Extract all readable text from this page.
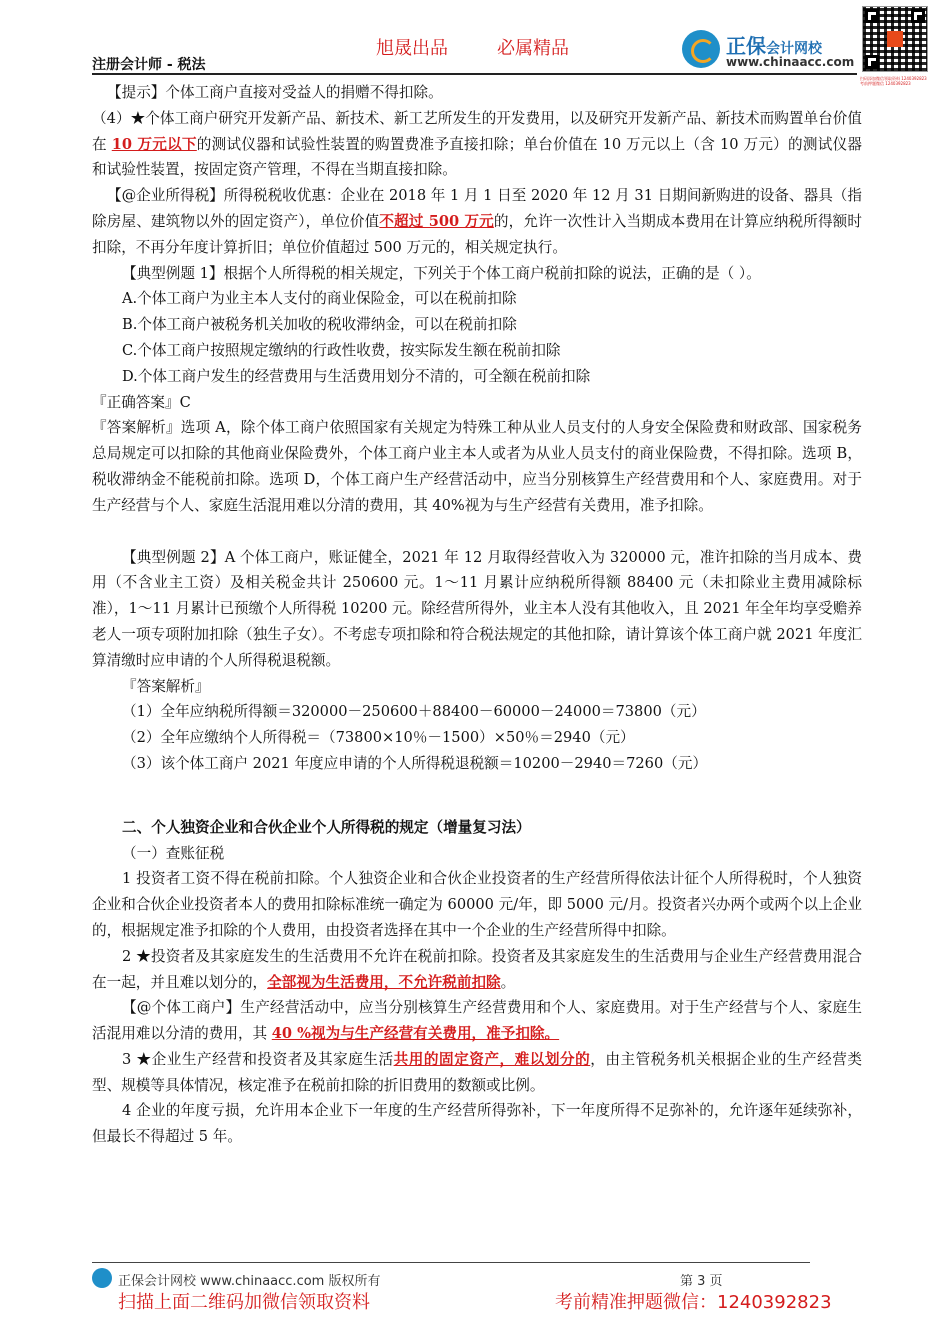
旭晟出品	必属精品
注册会计师 - 税法
正保会计网校
www.chinaacc.com
扫码添加微信领取资料 1240392823 考前押题微信 1240392823

【提示】个体工商户直接对受益人的捐赠不得扣除。

（4）★个体工商户研究开发新产品、新技术、新工艺所发生的开发费用，以及研究开发新产品、新技术而购置单台价值在 10 万元以下的测试仪器和试验性装置的购置费准予直接扣除；单台价值在 10 万元以上（含 10 万元）的测试仪器和试验性装置，按固定资产管理，不得在当期直接扣除。

【@企业所得税】所得税税收优惠：企业在 2018 年 1 月 1 日至 2020 年 12 月 31 日期间新购进的设备、器具（指除房屋、建筑物以外的固定资产），单位价值不超过 500 万元的，允许一次性计入当期成本费用在计算应纳税所得额时扣除，不再分年度计算折旧；单位价值超过 500 万元的，相关规定执行。

【典型例题 1】根据个人所得税的相关规定，下列关于个体工商户税前扣除的说法，正确的是（ ）。

A.个体工商户为业主本人支付的商业保险金，可以在税前扣除

B.个体工商户被税务机关加收的税收滞纳金，可以在税前扣除

C.个体工商户按照规定缴纳的行政性收费，按实际发生额在税前扣除

D.个体工商户发生的经营费用与生活费用划分不清的，可全额在税前扣除

『正确答案』C

『答案解析』选项 A，除个体工商户依照国家有关规定为特殊工种从业人员支付的人身安全保险费和财政部、国家税务总局规定可以扣除的其他商业保险费外，个体工商户业主本人或者为从业人员支付的商业保险费，不得扣除。选项 B，税收滞纳金不能税前扣除。选项 D，个体工商户生产经营活动中，应当分别核算生产经营费用和个人、家庭费用。对于生产经营与个人、家庭生活混用难以分清的费用，其 40%视为与生产经营有关费用，准予扣除。

【典型例题 2】A 个体工商户，账证健全，2021 年 12 月取得经营收入为 320000 元，准许扣除的当月成本、费用（不含业主工资）及相关税金共计 250600 元。1～11 月累计应纳税所得额 88400 元（未扣除业主费用减除标准），1～11 月累计已预缴个人所得税 10200 元。除经营所得外，业主本人没有其他收入，且 2021 年全年均享受赡养老人一项专项附加扣除（独生子女）。不考虑专项扣除和符合税法规定的其他扣除，请计算该个体工商户就 2021 年度汇算清缴时应申请的个人所得税退税额。

『答案解析』

（1）全年应纳税所得额＝320000－250600＋88400－60000－24000＝73800（元）

（2）全年应缴纳个人所得税＝（73800×10％－1500）×50％＝2940（元）

（3）该个体工商户 2021 年度应申请的个人所得税退税额＝10200－2940＝7260（元）

二、个人独资企业和合伙企业个人所得税的规定（增量复习法）

（一）查账征税

1 投资者工资不得在税前扣除。个人独资企业和合伙企业投资者的生产经营所得依法计征个人所得税时，个人独资企业和合伙企业投资者本人的费用扣除标准统一确定为 60000 元/年，即 5000 元/月。投资者兴办两个或两个以上企业的，根据规定准予扣除的个人费用，由投资者选择在其中一个企业的生产经营所得中扣除。

2 ★投资者及其家庭发生的生活费用不允许在税前扣除。投资者及其家庭发生的生活费用与企业生产经营费用混合在一起，并且难以划分的，全部视为生活费用，不允许税前扣除。

【@个体工商户】生产经营活动中，应当分别核算生产经营费用和个人、家庭费用。对于生产经营与个人、家庭生活混用难以分清的费用，其 40 %视为与生产经营有关费用，准予扣除。

3 ★企业生产经营和投资者及其家庭生活共用的固定资产，难以划分的，由主管税务机关根据企业的生产经营类型、规模等具体情况，核定准予在税前扣除的折旧费用的数额或比例。

4 企业的年度亏损，允许用本企业下一年度的生产经营所得弥补，下一年度所得不足弥补的，允许逐年延续弥补，但最长不得超过 5 年。

正保会计网校 www.chinaacc.com 版权所有	第 3 页
扫描上面二维码加微信领取资料	考前精准押题微信：1240392823
